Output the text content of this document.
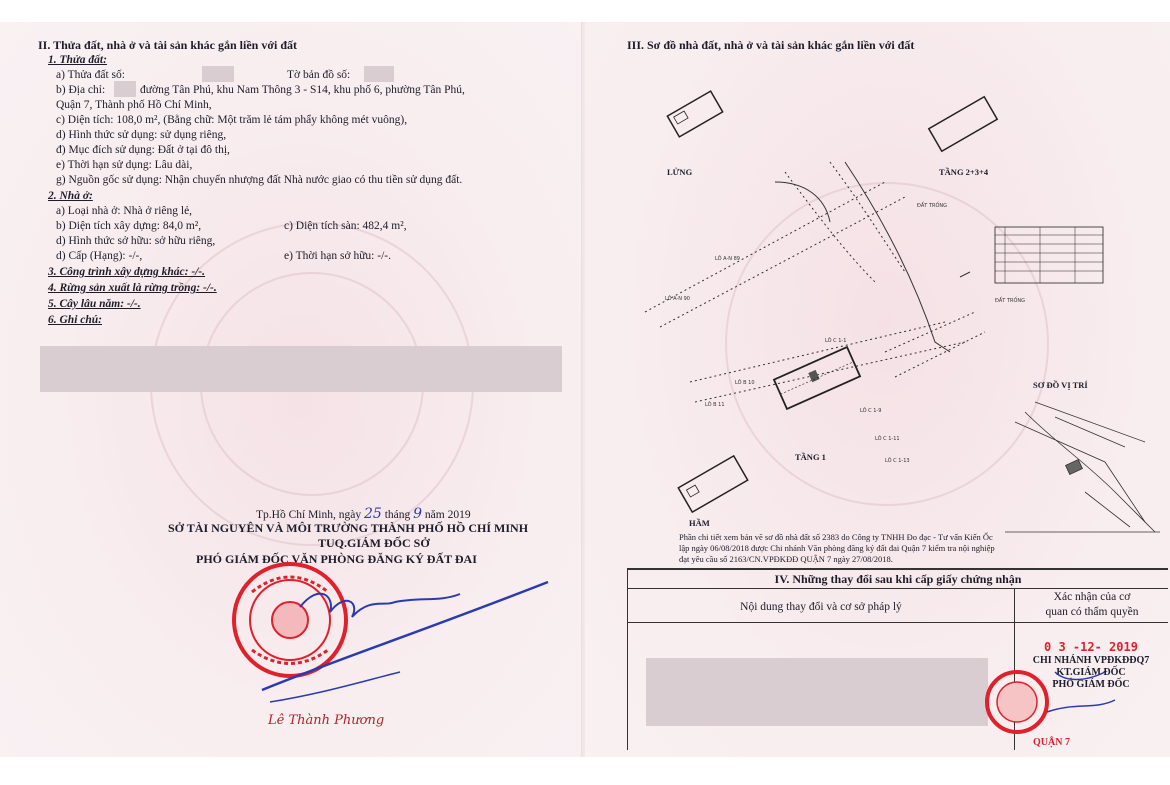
II. Thửa đất, nhà ở và tài sản khác gắn liền với đất
1. Thửa đất:
a) Thửa đất số:	Tờ bản đồ số:
b) Địa chỉ:	đường Tân Phú, khu Nam Thông 3 - S14, khu phố 6, phường Tân Phú,
Quận 7, Thành phố Hồ Chí Minh,
c) Diện tích: 108,0 m², (Bằng chữ: Một trăm lẻ tám phẩy không mét vuông),
d) Hình thức sử dụng: sử dụng riêng,
đ) Mục đích sử dụng: Đất ở tại đô thị,
e) Thời hạn sử dụng: Lâu dài,
g) Nguồn gốc sử dụng: Nhận chuyển nhượng đất Nhà nước giao có thu tiền sử dụng đất.
2. Nhà ở:
a) Loại nhà ở: Nhà ở riêng lẻ,
b) Diện tích xây dựng: 84,0 m²,	c) Diện tích sàn: 482,4 m²,
d) Hình thức sở hữu: sở hữu riêng,
d) Cấp (Hạng): -/-,	e) Thời hạn sở hữu: -/-.
3. Công trình xây dựng khác: -/-.
4. Rừng sản xuất là rừng trồng: -/-.
5. Cây lâu năm: -/-.
6. Ghi chú:
Tp.Hồ Chí Minh, ngày 25 tháng 9 năm 2019
SỞ TÀI NGUYÊN VÀ MÔI TRƯỜNG THÀNH PHỐ HỒ CHÍ MINH
TUQ.GIÁM ĐỐC SỞ
PHÓ GIÁM ĐỐC VĂN PHÒNG ĐĂNG KÝ ĐẤT ĐAI
Lê Thành Phương
III. Sơ đồ nhà đất, nhà ở và tài sản khác gắn liền với đất
LÔ A-N 89
LÔ A-N 90
LÔ B 10
LÔ B 11
LÔ C 1-1
LÔ C 1-9
LÔ C 1-11
LÔ C 1-13
ĐẤT TRỐNG
ĐẤT TRỐNG
LỬNG	TẦNG 2+3+4
TẦNG 1
HẦM
SƠ ĐỒ VỊ TRÍ
Phần chi tiết xem bản vẽ sơ đồ nhà đất số 2383 do Công ty TNHH Đo đạc - Tư vấn Kiến Ốc
lập ngày 06/08/2018 được Chi nhánh Văn phòng đăng ký đất đai Quận 7 kiểm tra nội nghiệp
đạt yêu cầu số 2163/CN.VPĐKĐĐ QUẬN 7 ngày 27/08/2018.
IV. Những thay đổi sau khi cấp giấy chứng nhận
Nội dung thay đổi và cơ sở pháp lý
Xác nhận của cơ
quan có thẩm quyền
0 3 -12- 2019
CHI NHÁNH VPĐKĐĐQ7
KT.GIÁM ĐỐC
PHÓ GIÁM ĐỐC
QUẬN 7
